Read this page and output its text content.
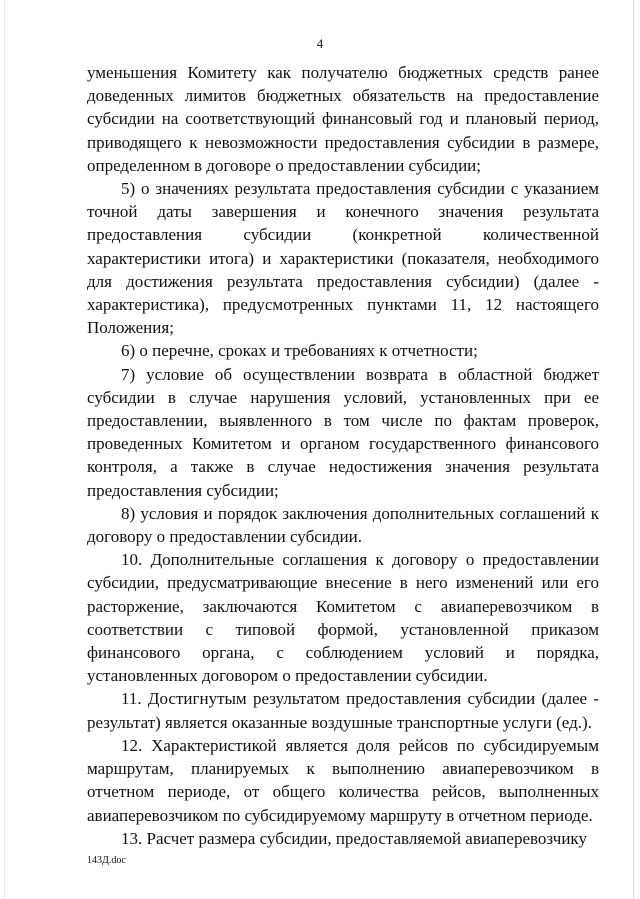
4

уменьшения Комитету как получателю бюджетных средств ранее доведенных лимитов бюджетных обязательств на предоставление субсидии на соответствующий финансовый год и плановый период, приводящего к невозможности предоставления субсидии в размере, определенном в договоре о предоставлении субсидии;

5) о значениях результата предоставления субсидии с указанием точной даты завершения и конечного значения результата предоставления субсидии (конкретной количественной характеристики итога) и характеристики (показателя, необходимого для достижения результата предоставления субсидии) (далее - характеристика), предусмотренных пунктами 11, 12 настоящего Положения;

6) о перечне, сроках и требованиях к отчетности;

7) условие об осуществлении возврата в областной бюджет субсидии в случае нарушения условий, установленных при ее предоставлении, выявленного в том числе по фактам проверок, проведенных Комитетом и органом государственного финансового контроля, а также в случае недостижения значения результата предоставления субсидии;

8) условия и порядок заключения дополнительных соглашений к договору о предоставлении субсидии.

10. Дополнительные соглашения к договору о предоставлении субсидии, предусматривающие внесение в него изменений или его расторжение, заключаются Комитетом с авиаперевозчиком в соответствии с типовой формой, установленной приказом финансового органа, с соблюдением условий и порядка, установленных договором о предоставлении субсидии.

11. Достигнутым результатом предоставления субсидии (далее - результат) является оказанные воздушные транспортные услуги (ед.).

12. Характеристикой является доля рейсов по субсидируемым маршрутам, планируемых к выполнению авиаперевозчиком в отчетном периоде, от общего количества рейсов, выполненных авиаперевозчиком по субсидируемому маршруту в отчетном периоде.

13. Расчет размера субсидии, предоставляемой авиаперевозчику

143Д.doc
